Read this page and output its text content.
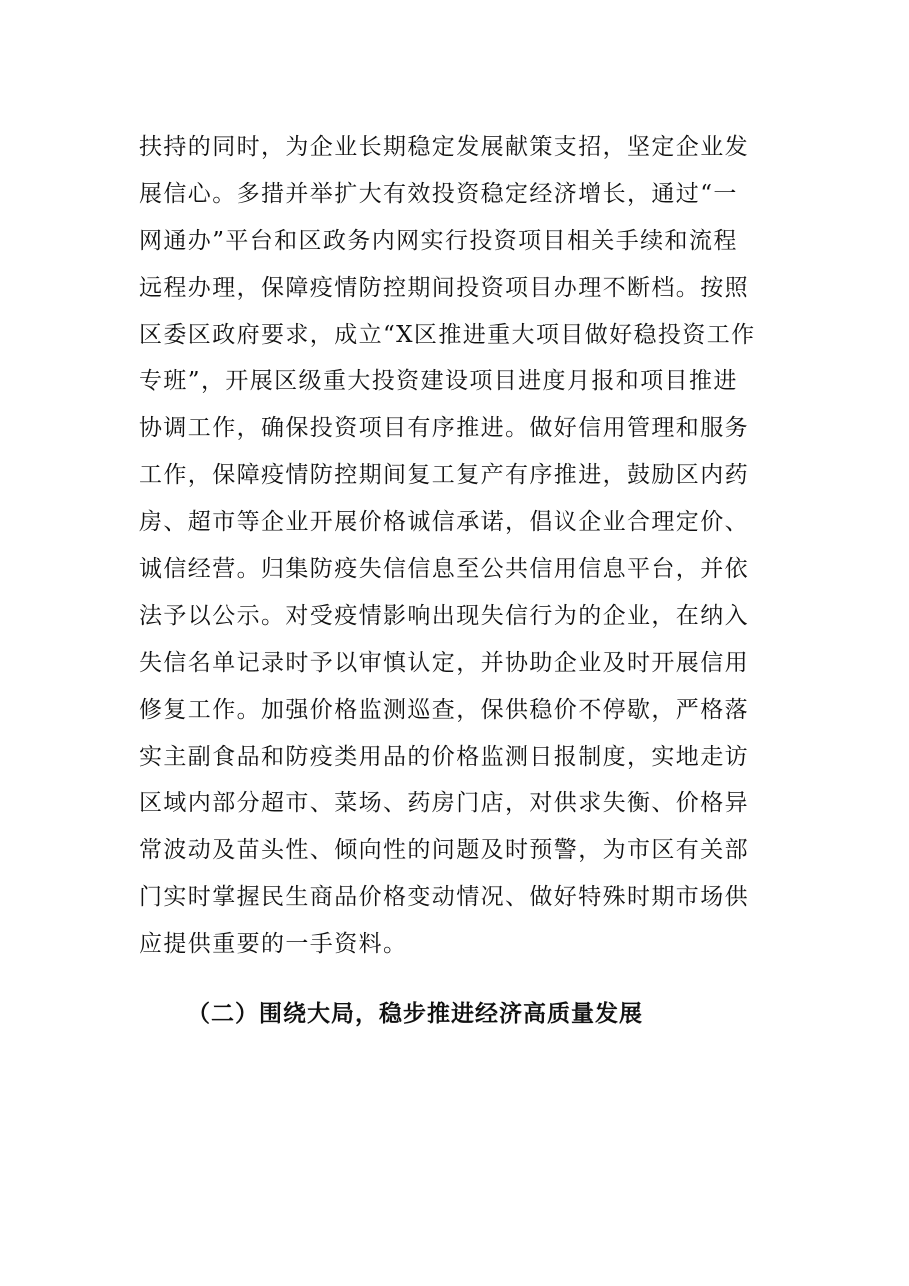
扶持的同时，为企业长期稳定发展献策支招，坚定企业发
展信心。多措并举扩大有效投资稳定经济增长，通过“一
网通办”平台和区政务内网实行投资项目相关手续和流程
远程办理，保障疫情防控期间投资项目办理不断档。按照
区委区政府要求，成立“X区推进重大项目做好稳投资工作
专班”，开展区级重大投资建设项目进度月报和项目推进
协调工作，确保投资项目有序推进。做好信用管理和服务
工作，保障疫情防控期间复工复产有序推进，鼓励区内药
房、超市等企业开展价格诚信承诺，倡议企业合理定价、
诚信经营。归集防疫失信信息至公共信用信息平台，并依
法予以公示。对受疫情影响出现失信行为的企业，在纳入
失信名单记录时予以审慎认定，并协助企业及时开展信用
修复工作。加强价格监测巡查，保供稳价不停歇，严格落
实主副食品和防疫类用品的价格监测日报制度，实地走访
区域内部分超市、菜场、药房门店，对供求失衡、价格异
常波动及苗头性、倾向性的问题及时预警，为市区有关部
门实时掌握民生商品价格变动情况、做好特殊时期市场供
应提供重要的一手资料。
（二）围绕大局，稳步推进经济高质量发展
